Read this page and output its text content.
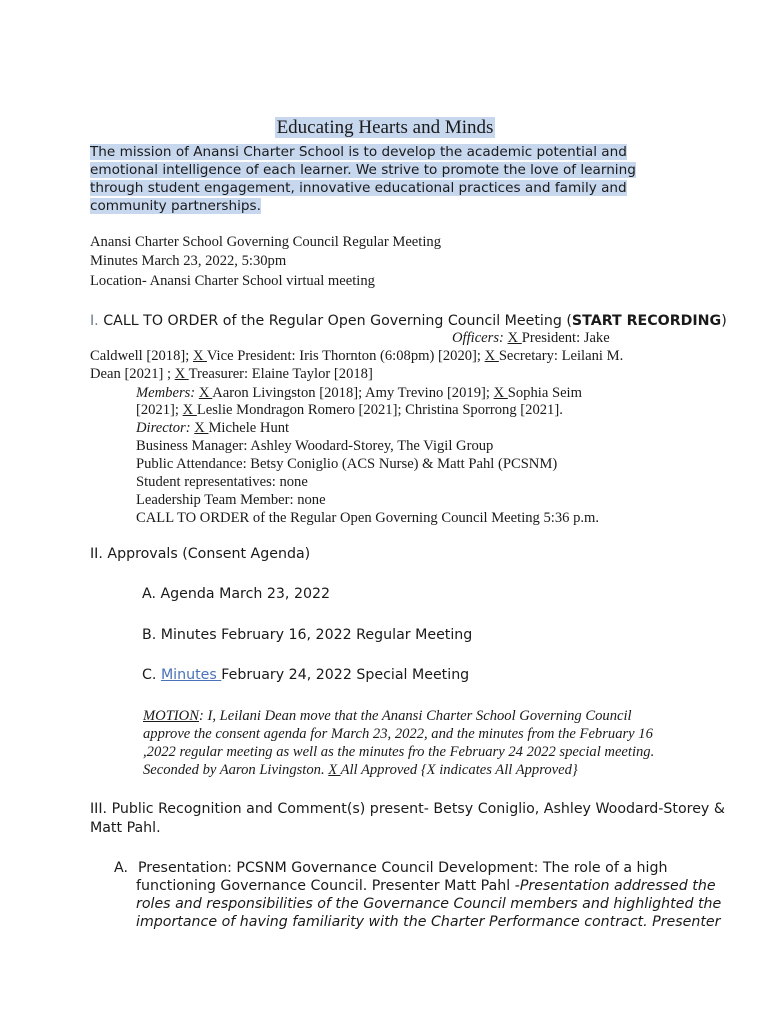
Educating Hearts and Minds
The mission of Anansi Charter School is to develop the academic potential and
emotional intelligence of each learner. We strive to promote the love of learning
through student engagement, innovative educational practices and family and
community partnerships.
Anansi Charter School Governing Council Regular Meeting
Minutes March 23, 2022, 5:30pm
Location- Anansi Charter School virtual meeting
I. CALL TO ORDER of the Regular Open Governing Council Meeting (START RECORDING)
Officers: X President: Jake
Caldwell [2018]; X Vice President: Iris Thornton (6:08pm) [2020]; X Secretary: Leilani M.
Dean [2021] ; X Treasurer: Elaine Taylor [2018]
Members: X Aaron Livingston [2018]; Amy Trevino [2019]; X Sophia Seim
[2021]; X Leslie Mondragon Romero [2021]; Christina Sporrong [2021].
Director: X Michele Hunt
Business Manager: Ashley Woodard-Storey, The Vigil Group
Public Attendance: Betsy Coniglio (ACS Nurse) & Matt Pahl (PCSNM)
Student representatives: none
Leadership Team Member: none
CALL TO ORDER of the Regular Open Governing Council Meeting 5:36 p.m.
II. Approvals (Consent Agenda)
A. Agenda March 23, 2022
B. Minutes February 16, 2022 Regular Meeting
C. Minutes February 24, 2022 Special Meeting
MOTION: I, Leilani Dean move that the Anansi Charter School Governing Council
approve the consent agenda for March 23, 2022, and the minutes from the February 16
,2022 regular meeting as well as the minutes fro the February 24 2022 special meeting.
Seconded by Aaron Livingston. X All Approved {X indicates All Approved}
III. Public Recognition and Comment(s) present- Betsy Coniglio, Ashley Woodard-Storey &
Matt Pahl.
A. Presentation: PCSNM Governance Council Development: The role of a high
functioning Governance Council. Presenter Matt Pahl -Presentation addressed the
roles and responsibilities of the Governance Council members and highlighted the
importance of having familiarity with the Charter Performance contract. Presenter
